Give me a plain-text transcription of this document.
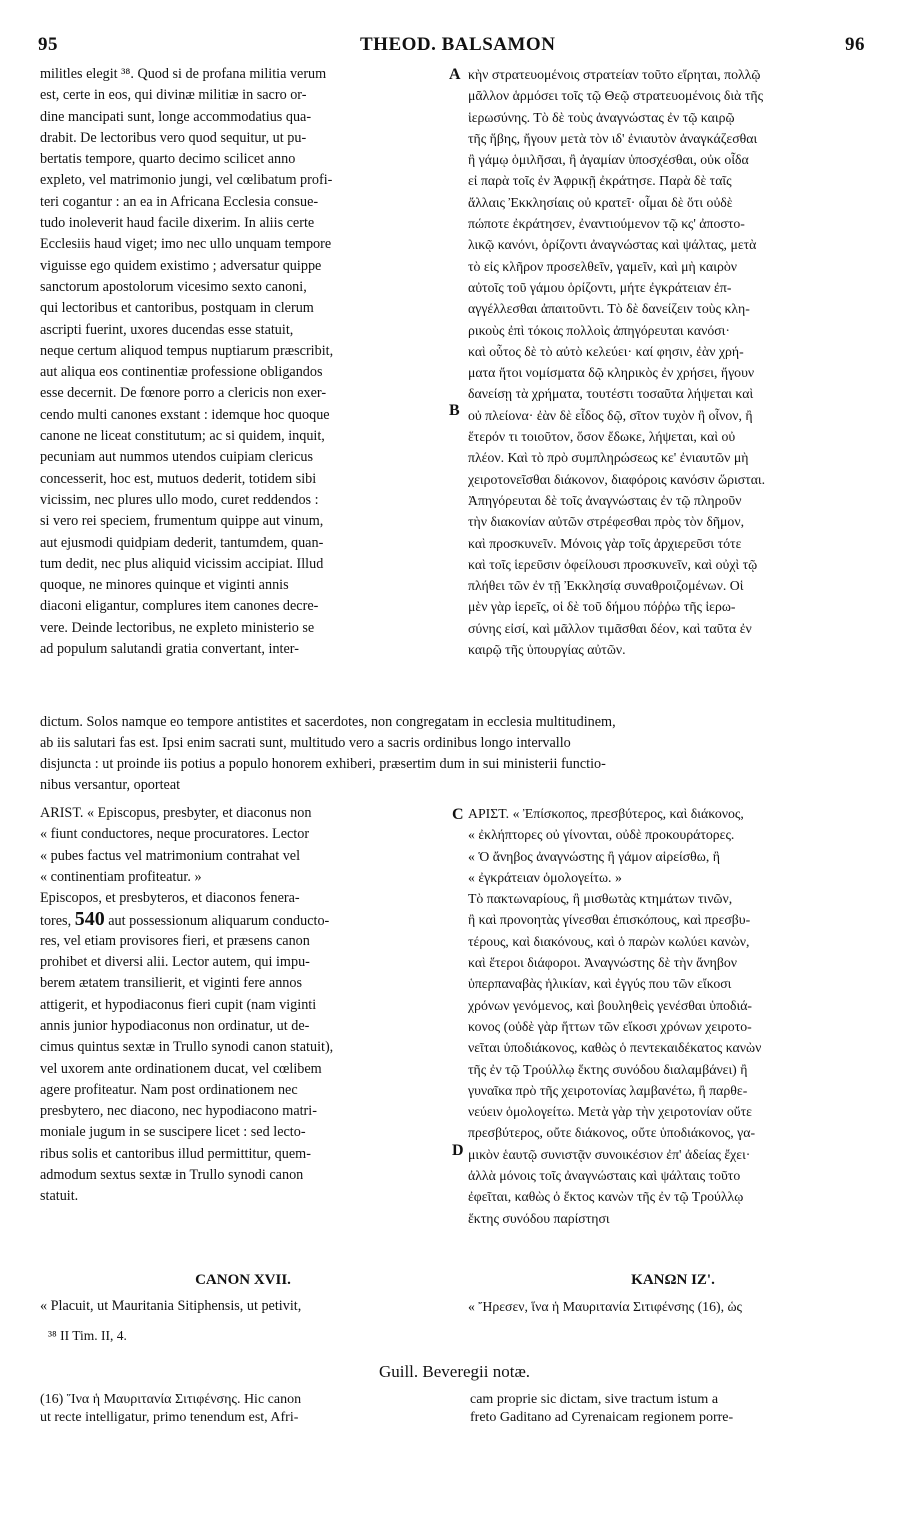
95	THEOD. BALSAMON	96
A
B
C
D
militles elegit ³⁸. Quod si de profana militia verum
est, certe in eos, qui divinæ militiæ in sacro or-
dine mancipati sunt, longe accommodatius qua-
drabit. De lectoribus vero quod sequitur, ut pu-
bertatis tempore, quarto decimo scilicet anno
expleto, vel matrimonio jungi, vel cœlibatum profi-
teri cogantur : an ea in Africana Ecclesia consue-
tudo inoleverit haud facile dixerim. In aliis certe
Ecclesiis haud viget; imo nec ullo unquam tempore
viguisse ego quidem existimo ; adversatur quippe
sanctorum apostolorum vicesimo sexto canoni,
qui lectoribus et cantoribus, postquam in clerum
ascripti fuerint, uxores ducendas esse statuit,
neque certum aliquod tempus nuptiarum præscribit,
aut aliqua eos continentiæ professione obligandos
esse decernit. De fœnore porro a clericis non exer-
cendo multi canones exstant : idemque hoc quoque
canone ne liceat constitutum; ac si quidem, inquit,
pecuniam aut nummos utendos cuipiam clericus
concesserit, hoc est, mutuos dederit, totidem sibi
vicissim, nec plures ullo modo, curet reddendos :
si vero rei speciem, frumentum quippe aut vinum,
aut ejusmodi quidpiam dederit, tantumdem, quan-
tum dedit, nec plus aliquid vicissim accipiat. Illud
quoque, ne minores quinque et viginti annis
diaconi eligantur, complures item canones decre-
vere. Deinde lectoribus, ne expleto ministerio se
ad populum salutandi gratia convertant, inter-
κὴν στρατευομένοις στρατείαν τοῦτο εἴρηται, πολλῷ
μᾶλλον ἁρμόσει τοῖς τῷ Θεῷ στρατευομένοις διὰ τῆς
ἱερωσύνης. Τὸ δὲ τοὺς ἀναγνώστας ἐν τῷ καιρῷ
τῆς ἥβης, ἤγουν μετὰ τὸν ιδ' ἐνιαυτὸν ἀναγκάζεσθαι
ἢ γάμῳ ὁμιλῆσαι, ἢ ἀγαμίαν ὑποσχέσθαι, οὐκ οἶδα
εἰ παρὰ τοῖς ἐν Ἀφρικῇ ἐκράτησε. Παρὰ δὲ ταῖς
ἄλλαις Ἐκκλησίαις οὐ κρατεῖ· οἶμαι δὲ ὅτι οὐδὲ
πώποτε ἐκράτησεν, ἐναντιούμενον τῷ κς' ἀποστο-
λικῷ κανόνι, ὁρίζοντι ἀναγνώστας καὶ ψάλτας, μετὰ
τὸ εἰς κλῆρον προσελθεῖν, γαμεῖν, καὶ μὴ καιρὸν
αὐτοῖς τοῦ γάμου ὁρίζοντι, μήτε ἐγκράτειαν ἐπ-
αγγέλλεσθαι ἀπαιτοῦντι. Τὸ δὲ δανείζειν τοὺς κλη-
ρικοὺς ἐπὶ τόκοις πολλοὶς ἀπηγόρευται κανόσι·
καὶ οὗτος δὲ τὸ αὐτὸ κελεύει· καί φησιν, ἐὰν χρή-
ματα ἤτοι νομίσματα δῷ κληρικὸς ἐν χρήσει, ἤγουν
δανείσῃ τὰ χρήματα, τουτέστι τοσαῦτα λήψεται καὶ
οὐ πλείονα· ἐὰν δὲ εἶδος δῷ, σῖτον τυχὸν ἢ οἶνον, ἢ
ἕτερόν τι τοιοῦτον, ὅσον ἔδωκε, λήψεται, καὶ οὐ
πλέον. Καὶ τὸ πρὸ συμπληρώσεως κε' ἐνιαυτῶν μὴ
χειροτονεῖσθαι διάκονον, διαφόροις κανόσιν ὥρισται.
Ἀπηγόρευται δὲ τοῖς ἀναγνώσταις ἐν τῷ πληροῦν
τὴν διακονίαν αὐτῶν στρέφεσθαι πρὸς τὸν δῆμον,
καὶ προσκυνεῖν. Μόνοις γὰρ τοῖς ἀρχιερεῦσι τότε
καὶ τοῖς ἱερεῦσιν ὀφείλουσι προσκυνεῖν, καὶ οὐχὶ τῷ
πλήθει τῶν ἐν τῇ Ἐκκλησίᾳ συναθροιζομένων. Οἱ
μὲν γὰρ ἱερεῖς, οἱ δὲ τοῦ δήμου πόῤῥω τῆς ἱερω-
σύνης εἰσί, καὶ μᾶλλον τιμᾶσθαι δέον, καὶ ταῦτα ἐν
καιρῷ τῆς ὑπουργίας αὐτῶν.
dictum. Solos namque eo tempore antistites et sacerdotes, non congregatam in ecclesia multitudinem,
ab iis salutari fas est. Ipsi enim sacrati sunt, multitudo vero a sacris ordinibus longo intervallo
disjuncta : ut proinde iis potius a populo honorem exhiberi, præsertim dum in sui ministerii functio-
nibus versantur, oporteat
ARIST. « Episcopus, presbyter, et diaconus non
« fiunt conductores, neque procuratores. Lector
« pubes factus vel matrimonium contrahat vel
« continentiam profiteatur. »
Episcopos, et presbyteros, et diaconos fenera-
tores, 540 aut possessionum aliquarum conducto-
res, vel etiam provisores fieri, et præsens canon
prohibet et diversi alii. Lector autem, qui impu-
berem ætatem transilierit, et viginti fere annos
attigerit, et hypodiaconus fieri cupit (nam viginti
annis junior hypodiaconus non ordinatur, ut de-
cimus quintus sextæ in Trullo synodi canon statuit),
vel uxorem ante ordinationem ducat, vel cœlibem
agere profiteatur. Nam post ordinationem nec
presbytero, nec diacono, nec hypodiacono matri-
moniale jugum in se suscipere licet : sed lecto-
ribus solis et cantoribus illud permittitur, quem-
admodum sextus sextæ in Trullo synodi canon
statuit.
ΑΡΙΣΤ. « Ἐπίσκοπος, πρεσβύτερος, καὶ διάκονος,
« ἐκλήπτορες οὐ γίνονται, οὐδὲ προκουράτορες.
« Ὁ ἄνηβος ἀναγνώστης ἢ γάμον αἱρείσθω, ἢ
« ἐγκράτειαν ὁμολογείτω. »
Τὸ πακτωναρίους, ἢ μισθωτὰς κτημάτων τινῶν,
ἢ καὶ προνοητὰς γίνεσθαι ἐπισκόπους, καὶ πρεσβυ-
τέρους, καὶ διακόνους, καὶ ὁ παρὼν κωλύει κανὼν,
καὶ ἕτεροι διάφοροι. Ἀναγνώστης δὲ τὴν ἄνηβον
ὑπερπαναβὰς ἡλικίαν, καὶ ἐγγύς που τῶν εἴκοσι
χρόνων γενόμενος, καὶ βουληθεὶς γενέσθαι ὑποδιά-
κονος (οὐδὲ γὰρ ἥττων τῶν εἴκοσι χρόνων χειροτο-
νεῖται ὑποδιάκονος, καθὼς ὁ πεντεκαιδέκατος κανὼν
τῆς ἐν τῷ Τρούλλῳ ἕκτης συνόδου διαλαμβάνει) ἢ
γυναῖκα πρὸ τῆς χειροτονίας λαμβανέτω, ἢ παρθε-
νεύειν ὁμολογείτω. Μετὰ γὰρ τὴν χειροτονίαν οὔτε
πρεσβύτερος, οὔτε διάκονος, οὔτε ὑποδιάκονος, γα-
μικὸν ἑαυτῷ συνιστᾷν συνοικέσιον ἐπ' ἀδείας ἔχει·
ἀλλὰ μόνοις τοῖς ἀναγνώσταις καὶ ψάλταις τοῦτο
ἐφεῖται, καθὼς ὁ ἕκτος κανὼν τῆς ἐν τῷ Τρούλλῳ
ἕκτης συνόδου παρίστησι
CANON XVII.	ΚΑΝΩΝ ΙΖ'.
« Placuit, ut Mauritania Sitiphensis, ut petivit,	« Ἤρεσεν, ἵνα ἡ Μαυριτανία Σιτιφένσης (16), ὡς
³⁸ II Tim. II, 4.
Guill. Beveregii notæ.
(16) Ἵνα ἡ Μαυριτανία Σιτιφένσης. Hic canon
ut recte intelligatur, primo tenendum est, Afri-
cam proprie sic dictam, sive tractum istum a
freto Gaditano ad Cyrenaicam regionem porre-
